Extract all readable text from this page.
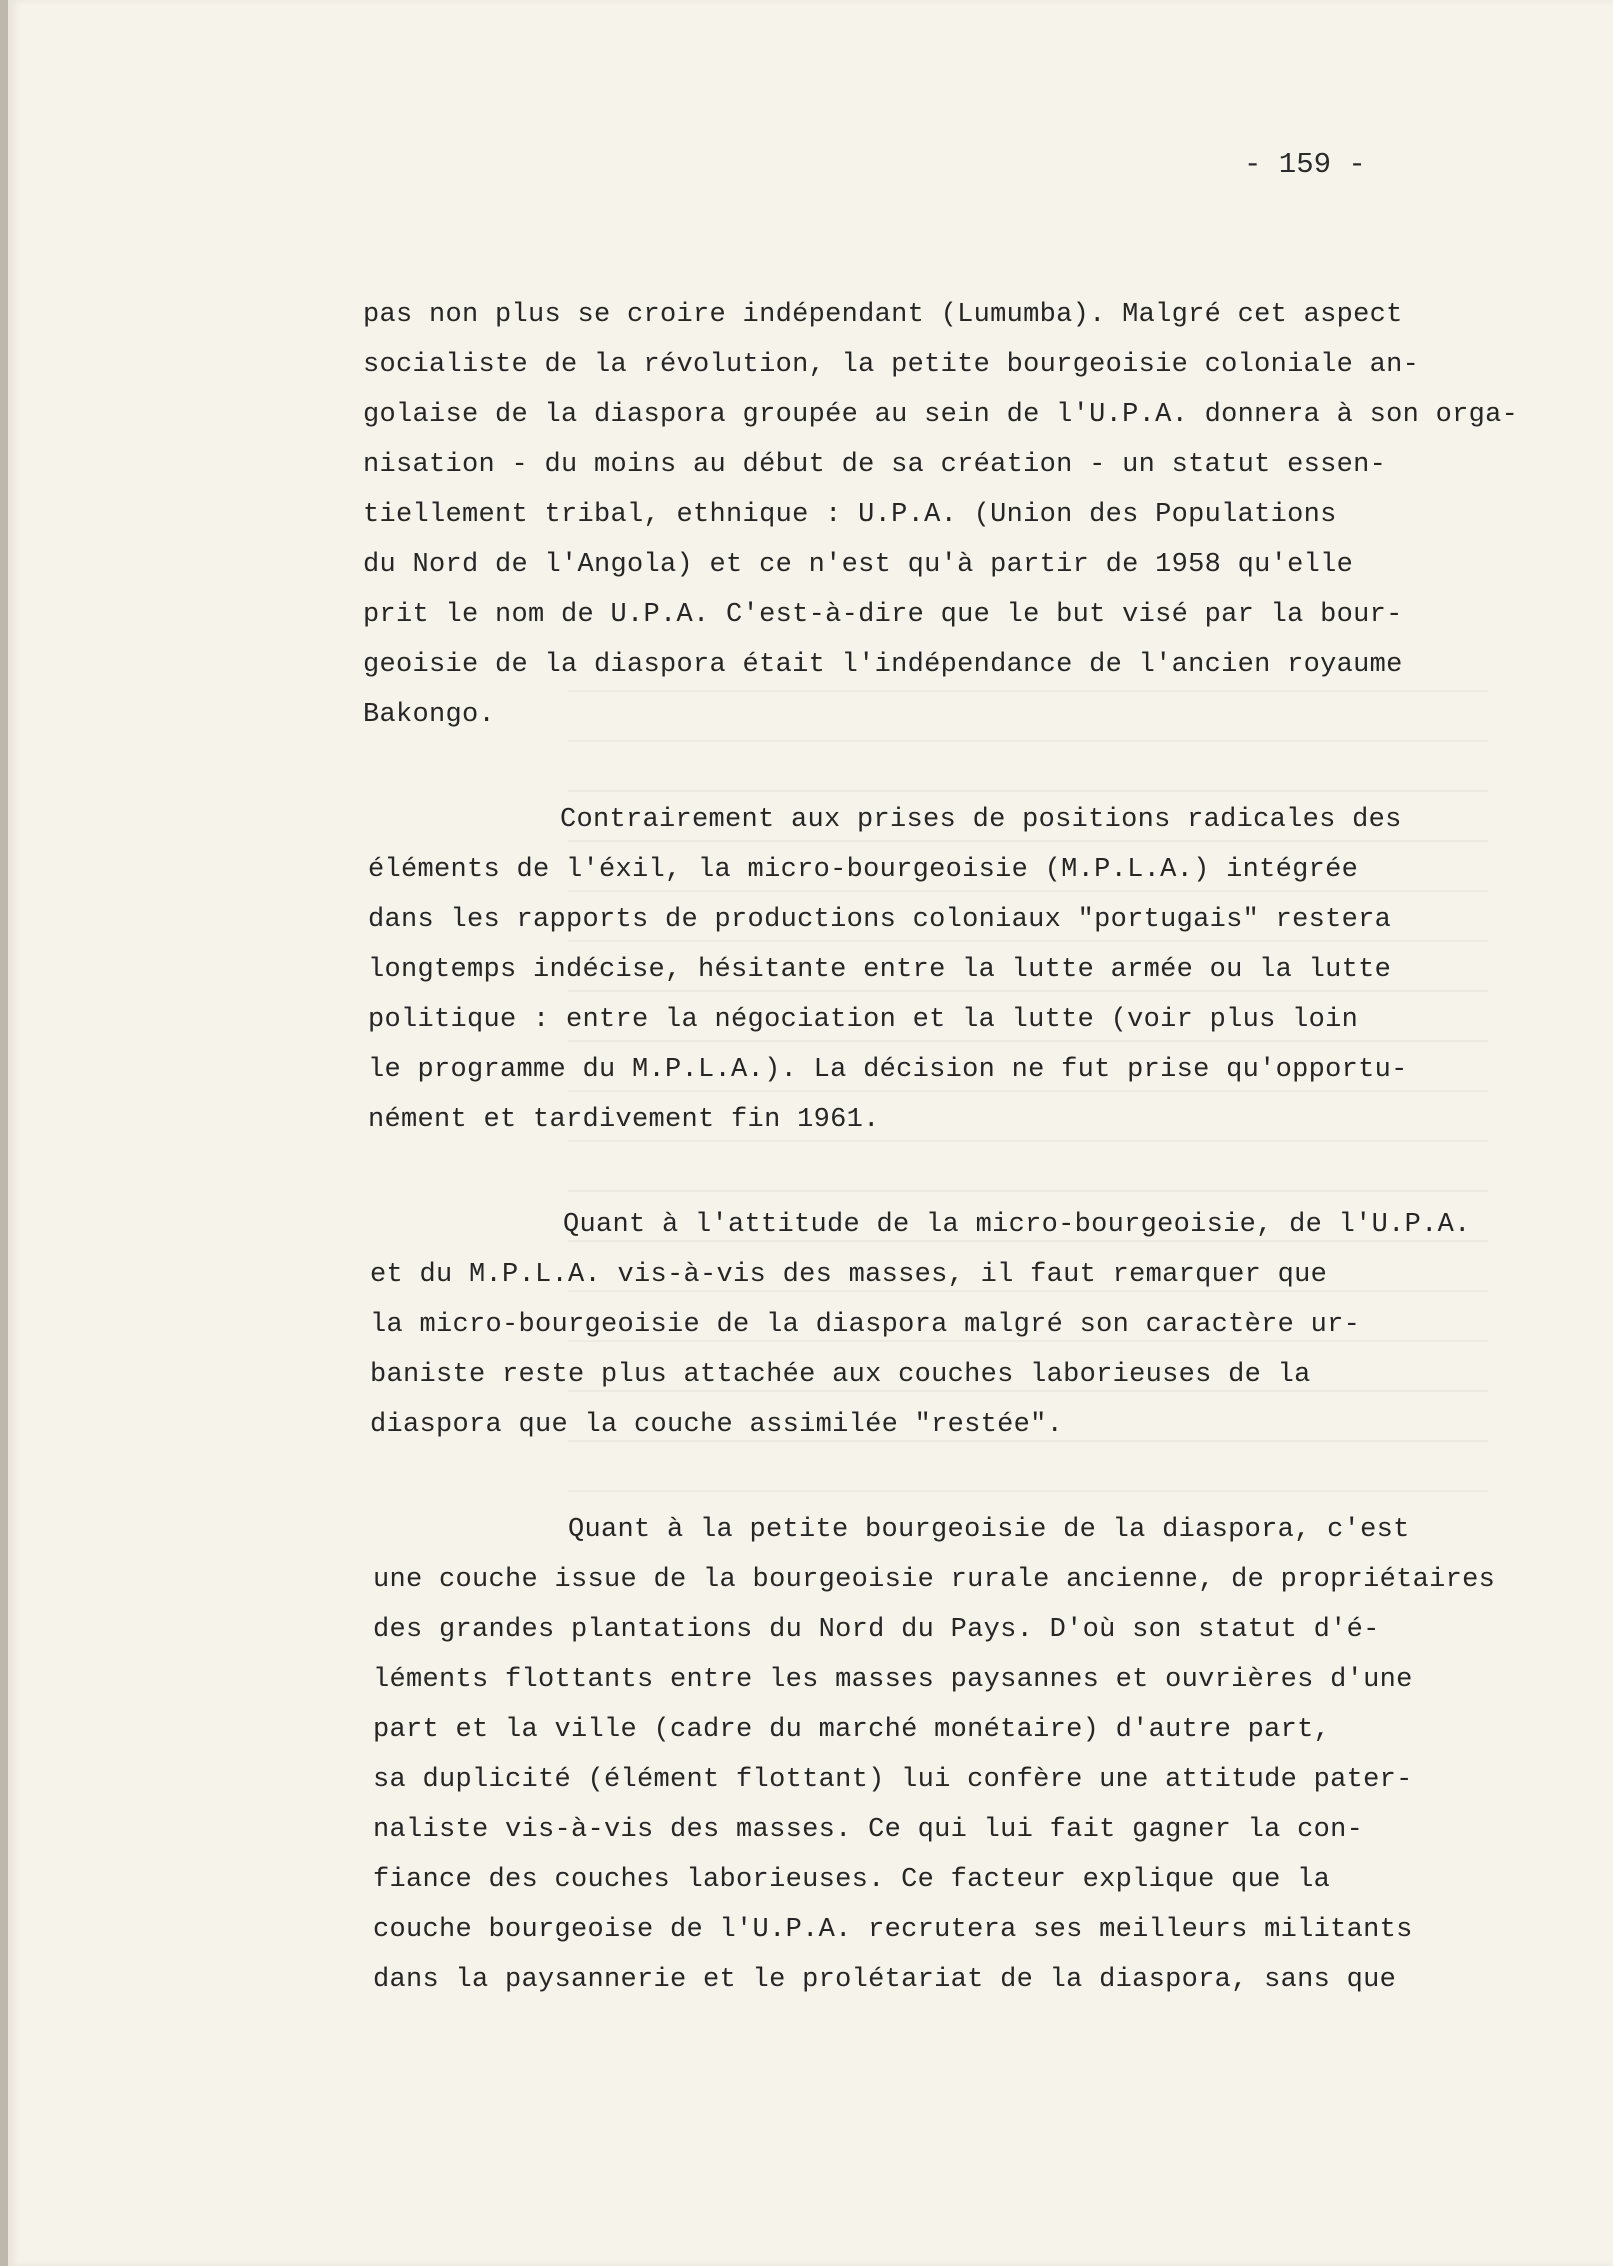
- 159 -
pas non plus se croire indépendant (Lumumba). Malgré cet aspect
socialiste de la révolution, la petite bourgeoisie coloniale an-
golaise de la diaspora groupée au sein de l'U.P.A. donnera à son orga-
nisation - du moins au début de sa création - un statut essen-
tiellement tribal, ethnique : U.P.A. (Union des Populations
du Nord de l'Angola) et ce n'est qu'à partir de 1958 qu'elle
prit le nom de U.P.A. C'est-à-dire que le but visé par la bour-
geoisie de la diaspora était l'indépendance de l'ancien royaume
Bakongo.
Contrairement aux prises de positions radicales des
éléments de l'éxil, la micro-bourgeoisie (M.P.L.A.) intégrée
dans les rapports de productions coloniaux "portugais" restera
longtemps indécise, hésitante entre la lutte armée ou la lutte
politique : entre la négociation et la lutte (voir plus loin
le programme du M.P.L.A.). La décision ne fut prise qu'opportu-
nément et tardivement fin 1961.
Quant à l'attitude de la micro-bourgeoisie, de l'U.P.A.
et du M.P.L.A. vis-à-vis des masses, il faut remarquer que
la micro-bourgeoisie de la diaspora malgré son caractère ur-
baniste reste plus attachée aux couches laborieuses de la
diaspora que la couche assimilée "restée".
Quant à la petite bourgeoisie de la diaspora, c'est
une couche issue de la bourgeoisie rurale ancienne, de propriétaires
des grandes plantations du Nord du Pays. D'où son statut d'é-
léments flottants entre les masses paysannes et ouvrières d'une
part et la ville (cadre du marché monétaire) d'autre part,
sa duplicité (élément flottant) lui confère une attitude pater-
naliste vis-à-vis des masses. Ce qui lui fait gagner la con-
fiance des couches laborieuses. Ce facteur explique que la
couche bourgeoise de l'U.P.A. recrutera ses meilleurs militants
dans la paysannerie et le prolétariat de la diaspora, sans que
